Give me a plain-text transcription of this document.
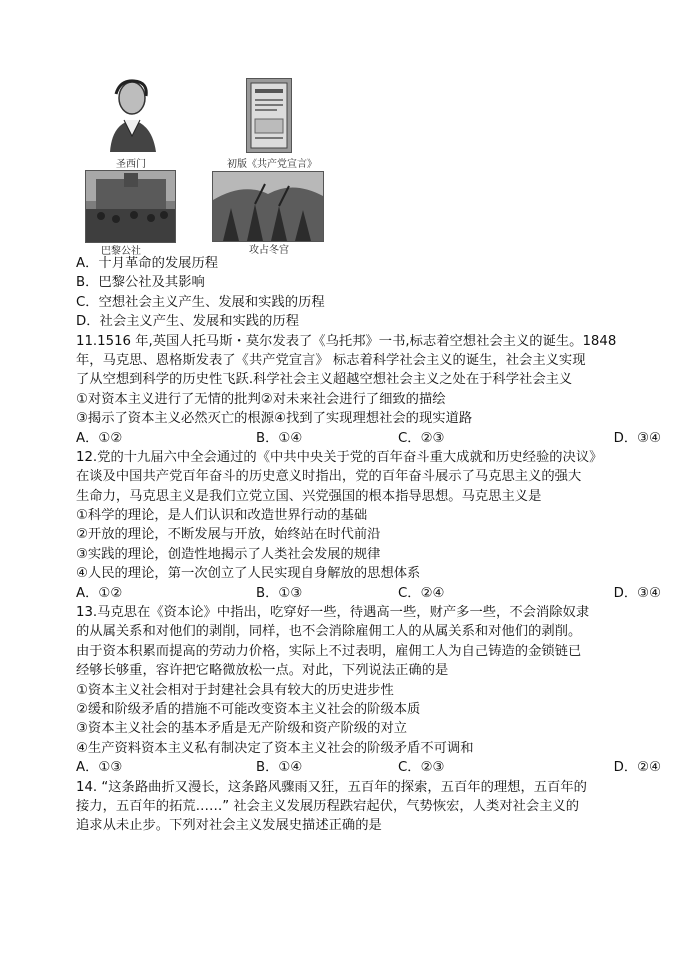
圣西门	初版《共产党宣言》
巴黎公社	攻占冬宫
A．十月革命的发展历程
B．巴黎公社及其影响
C．空想社会主义产生、发展和实践的历程
D．社会主义产生、发展和实践的历程
11.1516 年,英国人托马斯・莫尔发表了《乌托邦》一书,标志着空想社会主义的诞生。1848
年，马克思、恩格斯发表了《共产党宣言》 标志着科学社会主义的诞生，社会主义实现
了从空想到科学的历史性飞跃.科学社会主义超越空想社会主义之处在于科学社会主义
①对资本主义进行了无情的批判②对未来社会进行了细致的描绘
③揭示了资本主义必然灭亡的根源④找到了实现理想社会的现实道路
A．①②	B．①④	C．②③	D．③④
12.党的十九届六中全会通过的《中共中央关于党的百年奋斗重大成就和历史经验的决议》
在谈及中国共产党百年奋斗的历史意义时指出，党的百年奋斗展示了马克思主义的强大
生命力，马克思主义是我们立党立国、兴党强国的根本指导思想。马克思主义是
①科学的理论，是人们认识和改造世界行动的基础
②开放的理论，不断发展与开放，始终站在时代前沿
③实践的理论，创造性地揭示了人类社会发展的规律
④人民的理论，第一次创立了人民实现自身解放的思想体系
A．①②	B．①③	C．②④	D．③④
13.马克思在《资本论》中指出，吃穿好一些，待遇高一些，财产多一些，不会消除奴隶
的从属关系和对他们的剥削，同样，也不会消除雇佣工人的从属关系和对他们的剥削。
由于资本积累而提高的劳动力价格，实际上不过表明，雇佣工人为自己铸造的金锁链已
经够长够重，容许把它略微放松一点。对此，下列说法正确的是
①资本主义社会相对于封建社会具有较大的历史进步性
②缓和阶级矛盾的措施不可能改变资本主义社会的阶级本质
③资本主义社会的基本矛盾是无产阶级和资产阶级的对立
④生产资料资本主义私有制决定了资本主义社会的阶级矛盾不可调和
A．①③	B．①④	C．②③	D．②④
14. “这条路曲折又漫长，这条路风骤雨又狂，五百年的探索，五百年的理想，五百年的
接力，五百年的拓荒……” 社会主义发展历程跌宕起伏，气势恢宏，人类对社会主义的
追求从未止步。下列对社会主义发展史描述正确的是
